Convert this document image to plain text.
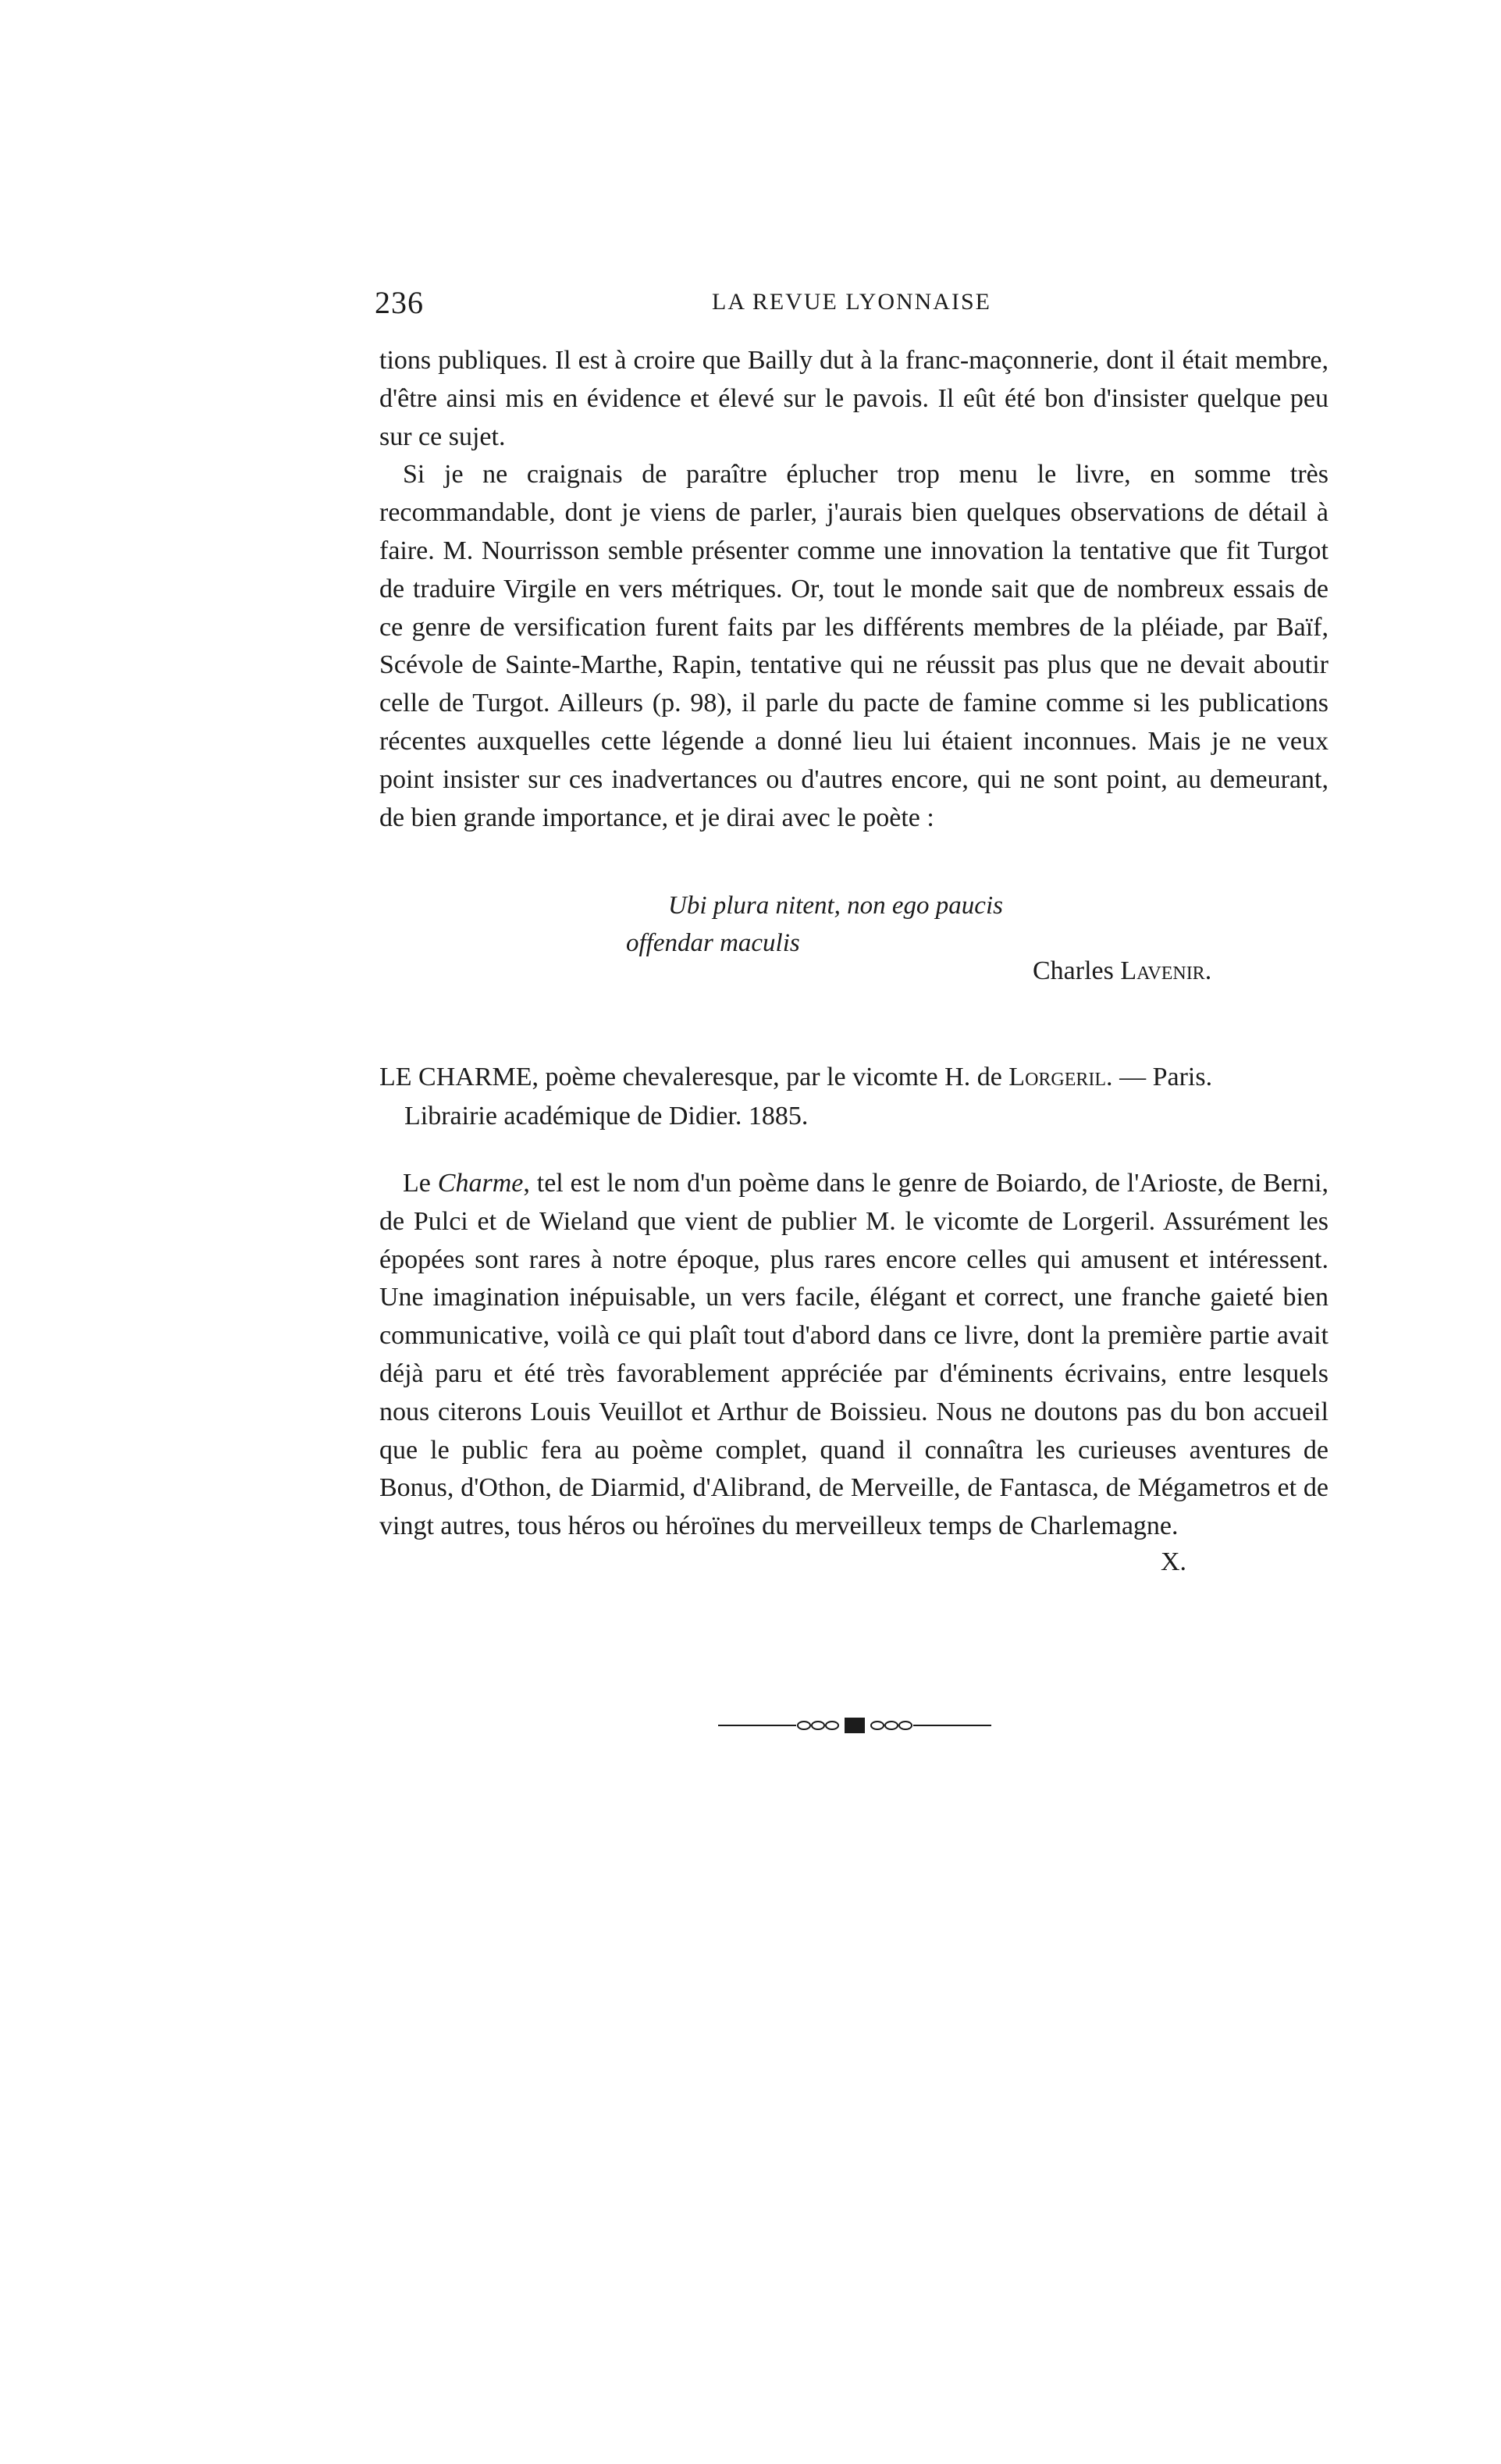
236	LA REVUE LYONNAISE

tions publiques. Il est à croire que Bailly dut à la franc-maçonnerie, dont il était membre, d'être ainsi mis en évidence et élevé sur le pavois. Il eût été bon d'insister quelque peu sur ce sujet.

Si je ne craignais de paraître éplucher trop menu le livre, en somme très recommandable, dont je viens de parler, j'aurais bien quelques observations de détail à faire. M. Nourrisson semble présenter comme une innovation la tentative que fit Turgot de traduire Virgile en vers métriques. Or, tout le monde sait que de nombreux essais de ce genre de versification furent faits par les différents membres de la pléiade, par Baïf, Scévole de Sainte-Marthe, Rapin, tentative qui ne réussit pas plus que ne devait aboutir celle de Turgot. Ailleurs (p. 98), il parle du pacte de famine comme si les publications récentes auxquelles cette légende a donné lieu lui étaient inconnues. Mais je ne veux point insister sur ces inadvertances ou d'autres encore, qui ne sont point, au demeurant, de bien grande importance, et je dirai avec le poète :

Ubi plura nitent, non ego paucis
offendar maculis
Charles Lavenir.
LE CHARME, poème chevaleresque, par le vicomte H. de Lorgeril. — Paris.
Librairie académique de Didier. 1885.

Le Charme, tel est le nom d'un poème dans le genre de Boiardo, de l'Arioste, de Berni, de Pulci et de Wieland que vient de publier M. le vicomte de Lorgeril. Assurément les épopées sont rares à notre époque, plus rares encore celles qui amusent et intéressent. Une imagination inépuisable, un vers facile, élégant et correct, une franche gaieté bien communicative, voilà ce qui plaît tout d'abord dans ce livre, dont la première partie avait déjà paru et été très favorablement appréciée par d'éminents écrivains, entre lesquels nous citerons Louis Veuillot et Arthur de Boissieu. Nous ne doutons pas du bon accueil que le public fera au poème complet, quand il connaîtra les curieuses aventures de Bonus, d'Othon, de Diarmid, d'Alibrand, de Merveille, de Fantasca, de Mégametros et de vingt autres, tous héros ou héroïnes du merveilleux temps de Charlemagne.

X.
